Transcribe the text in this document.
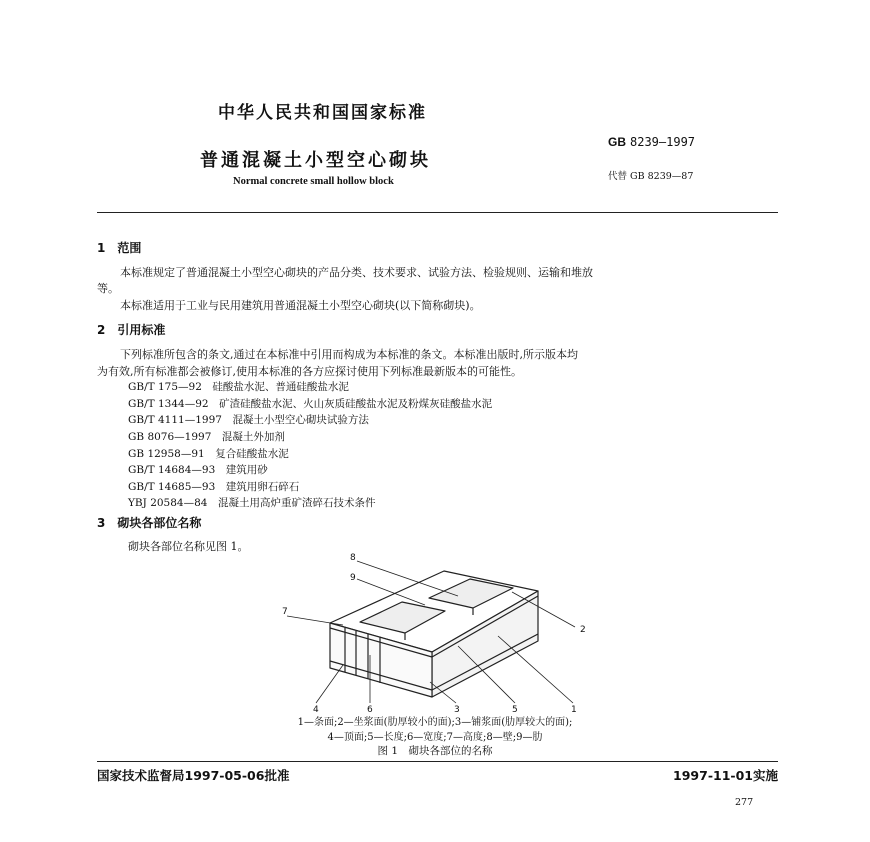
中华人民共和国国家标准
普通混凝土小型空心砌块
Normal concrete small hollow block
GB 8239—1997
代替 GB 8239—87
1　范围
本标准规定了普通混凝土小型空心砌块的产品分类、技术要求、试验方法、检验规则、运输和堆放
等。
本标准适用于工业与民用建筑用普通混凝土小型空心砌块(以下简称砌块)。
2　引用标准
下列标准所包含的条文,通过在本标准中引用而构成为本标准的条文。本标准出版时,所示版本均
为有效,所有标准都会被修订,使用本标准的各方应探讨使用下列标准最新版本的可能性。
GB/T 175—92　 硅酸盐水泥、普通硅酸盐水泥
GB/T 1344—92　 矿渣硅酸盐水泥、火山灰质硅酸盐水泥及粉煤灰硅酸盐水泥
GB/T 4111—1997　 混凝土小型空心砌块试验方法
GB 8076—1997　 混凝土外加剂
GB 12958—91　 复合硅酸盐水泥
GB/T 14684—93　 建筑用砂
GB/T 14685—93　 建筑用卵石碎石
YBJ 20584—84　 混凝土用高炉重矿渣碎石技术条件
3　砌块各部位名称
砌块各部位名称见图 1。
8
9
2
7
4	6	3	5	1
1—条面;2—坐浆面(肋厚较小的面);3—铺浆面(肋厚较大的面);
4—顶面;5—长度;6—宽度;7—高度;8—壁;9—肋
图 1　砌块各部位的名称
国家技术监督局1997-05-06批准	1997-11-01实施
277
